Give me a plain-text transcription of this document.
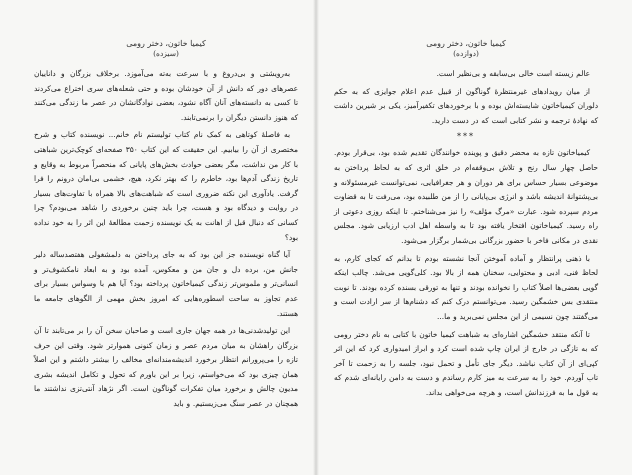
کیمیا خاتون، دختر رومی
(سیزده)

به‌رویشتی و بی‌دروغ و با سرعت به‌ته می‌آموزد. برخلاف بزرگان و داناییان عصرهای دور که دانش از آن خودشان بوده و حتی شعله‌های سری اختراع می‌کردند تا کسی به دانسته‌های آنان آگاه نشود، بعضی نوادگانشان در عصر ما زندگی می‌کنند که هنوز دانستن دیگران را برنمی‌تابند.

به فاصلهٔ کوتاهی به کمک نام کتاب تولیستم نام خانم... نویسنده کتاب و شرح مختصری از آن را بیابیم. این حقیقت که این کتاب ۳۵۰ صفحه‌ای کوچک‌ترین شباهتی با کار من نداشت، مگر بعضی حوادث بخش‌های پایانی که منحصراً مربوط به وقایع و تاریخ زندگی آدم‌ها بود، خاطرم را که بهتر نکرد، هیچ، خشمی بی‌امان درونم را فرا گرفت. یادآوری این نکته ضروری است که شباهت‌های بالا همراه با تفاوت‌های بسیار در روایت و دیدگاه بود و هست، چرا باید چنین برخوردی را شاهد می‌بودم؟ چرا کسانی که دنبال قبل از اهانت به یک نویسنده زحمت مطالعهٔ این اثر را به خود نداده بود؟

آیا گناه نویسنده جز این بود که به جای پرداختن به دلمشغولی هفتصدساله دلیر جانش من، برده دل و جان من و معکوس، آمده بود و به ابعاد نامکشوف‌تر و انسانی‌تر و ملموس‌تر زندگی کیمیاخاتون پرداخته بود؟ آیا هم با وسواس بسیار برای عدم تجاوز به ساحت اسطوره‌هایی که امروز بخش مهمی از الگوهای جامعه ما هستند.

این تولیدشدنی‌ها در همه جهان جاری است و صاحبان سخن آن را بر می‌تابند تا آن بزرگان راهشان به میان مردم عصر و زمان کنونی هموارتر شود. وقتی این حرف تازه را می‌پرورانم انتظار برخورد اندیشه‌مندانه‌ای مخالف را بیشتر داشتم و این اصلاً همان چیزی بود که می‌خواستم، زیرا بر این باورم که تحول و تکامل اندیشه بشری مدیون چالش و برخورد میان تفکرات گوناگون است. اگر نژهاد آنتی‌تزی نداشتند ما همچنان در عصر سنگ می‌زیستیم. و باید

کیمیا خاتون، دختر رومی
(دوازده)

عالم زیسته است خالی بی‌سابقه و بی‌نظیر است.

از میان رویدادهای غیرمنتظرهٔ گوناگون از قبیل عدم اعلام جوایزی که به حکم دلوران کیمیاخاتون شایسته‌اش بوده و با برخوردهای تکفیرآمیز، یکی بر شیرین داشت که نهادهٔ ترجمه و نشر کتابی است که در دست دارید.

***

کیمیاخاتون تازه به محضر دقیق و پوینده خوانندگان تقدیم شده بود، بی‌قرار بودم. حاصل چهار سال رنج و تلاش بی‌وقفه‌ام در خلق اثری که به لحاظ پرداختن به موضوعی بسیار حساس برای هر دوران و هر جغرافیایی، نمی‌توانست غیرمسئولانه و بی‌پشتوانهٔ اندیشه باشد و انرژی بی‌پایانی را از من طلبیده بود، می‌رفت تا به قضاوت مردم سپرده شود. عبارت «مرگ مؤلف» را نیز می‌شناختم. تا اینکه روزی دعوتی از راه رسید. کیمیاخاتون افتخار یافته بود تا به واسطه اهل ادب ارزیابی شود. مجلس نقدی در مکانی فاخر با حضور بزرگانی بی‌شمار برگزار می‌شود.

با ذهنی پرانتظار و آماده آموختن آنجا نشسته بودم تا بدانم که کجای کارم، به لحاظ فنی، ادبی و محتوایی، سخنان همه از بالا بود. کلی‌گویی می‌شد. چالب اینکه گویی بعضی‌ها اصلاً کتاب را نخوانده بودند و تنها به تورقی بسنده کرده بودند. تا نوبت منتقدی بس خشمگین رسید. می‌توانستم درک کنم که دشنام‌ها از سر ارادت است و می‌گفتند چون نسیمی از این مجلس نمی‌برید و ما...

تا آنکه منتقد خشمگین اشاره‌ای به شباهت کیمیا خاتون با کتابی به نام دختر رومی که به تازگی در خارج از ایران چاپ شده است کرد و ابراز امیدواری کرد که این اثر کپی‌ای از آن کتاب نباشد. دیگر جای تأمل و تحمل نبود، جلسه را به زحمت تا آخر تاب آوردم. خود را به سرعت به میز کارم رساندم و دست به دامن رایانه‌ای شدم که به قول ما به فرزندانش است، و هرچه می‌خواهی بداند.
